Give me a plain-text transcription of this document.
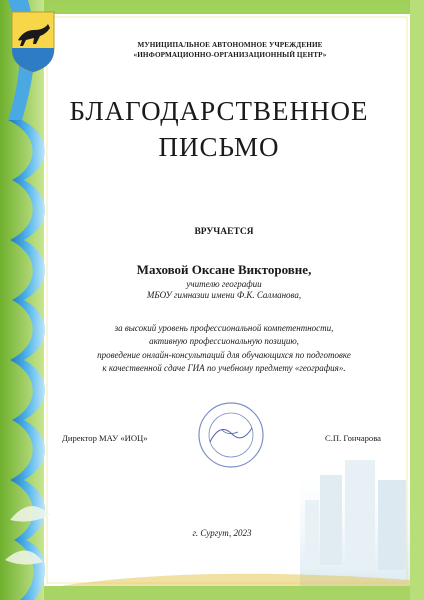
МУНИЦИПАЛЬНОЕ АВТОНОМНОЕ УЧРЕЖДЕНИЕ
«ИНФОРМАЦИОННО-ОРГАНИЗАЦИОННЫЙ ЦЕНТР»
БЛАГОДАРСТВЕННОЕ
ПИСЬМО
ВРУЧАЕТСЯ
Маховой Оксане Викторовне,
учителю географии
МБОУ гимназии имени Ф.К. Салманова,
за высокий уровень профессиональной компетентности,
активную профессиональную позицию,
проведение онлайн-консультаций для обучающихся по подготовке
к качественной сдаче ГИА по учебному предмету «география».
Директор МАУ «ИОЦ»	С.П. Гончарова
г. Сургут, 2023
